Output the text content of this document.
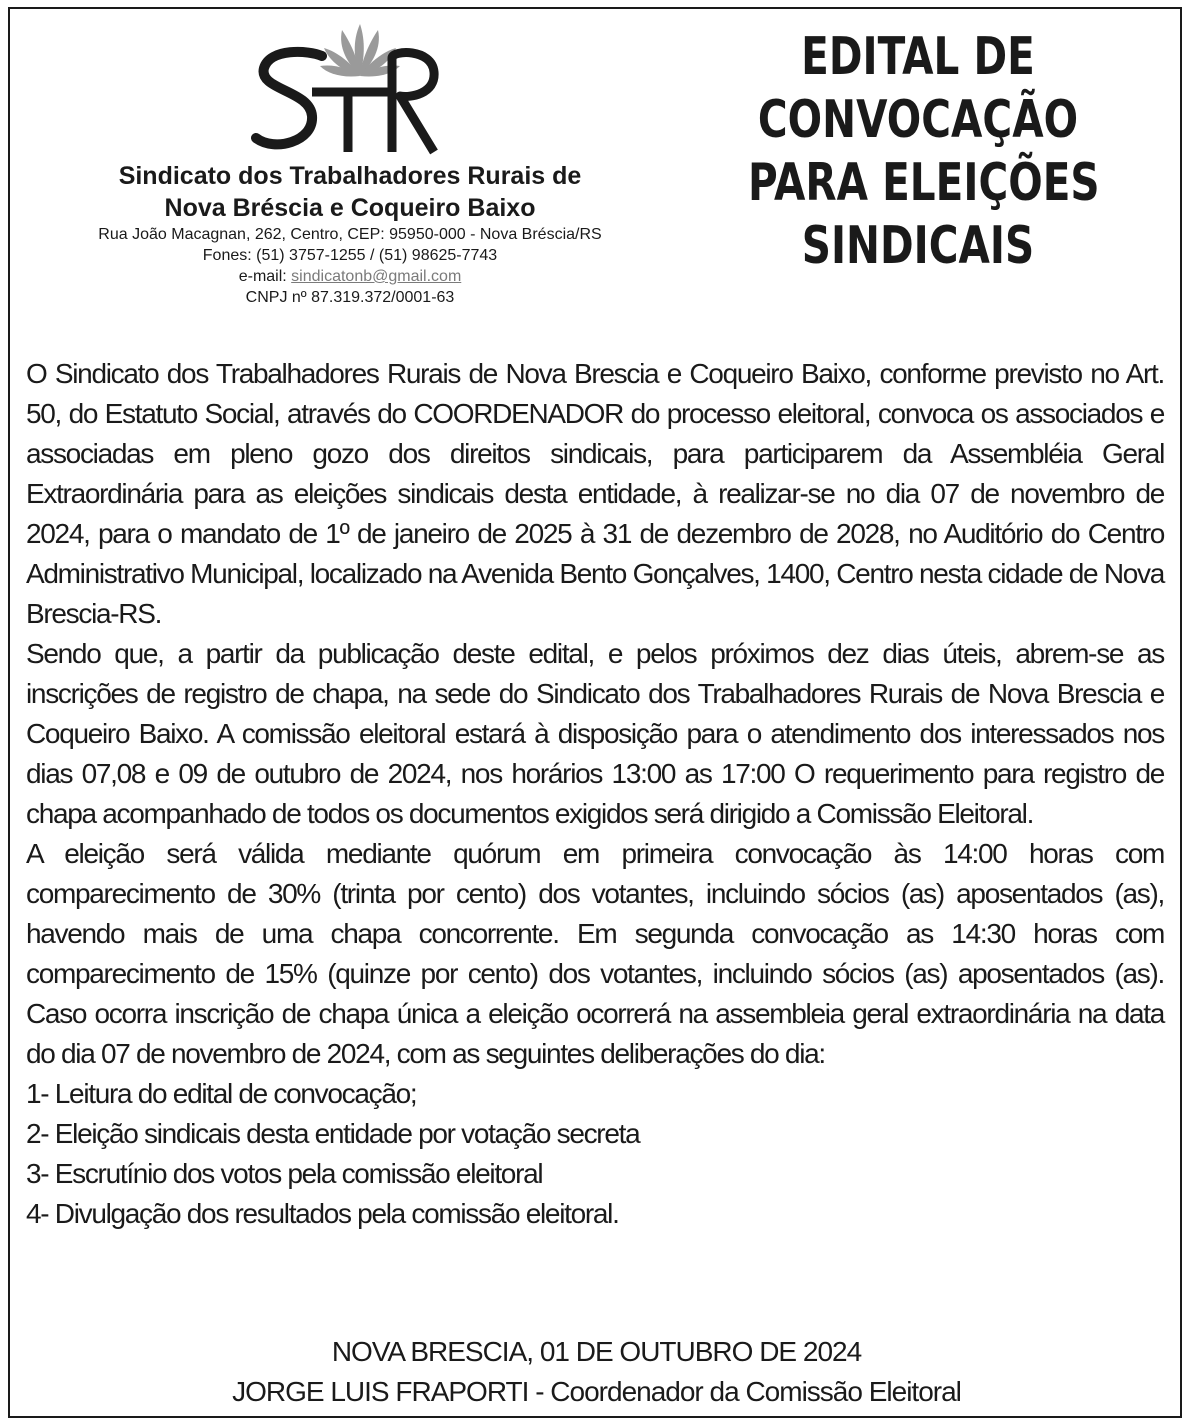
Sindicato dos Trabalhadores Rurais de
Nova Bréscia e Coqueiro Baixo
Rua João Macagnan, 262, Centro, CEP: 95950-000 - Nova Bréscia/RS
Fones: (51) 3757-1255 / (51) 98625-7743
e-mail: sindicatonb@gmail.com
CNPJ nº 87.319.372/0001-63
EDITAL DE
CONVOCAÇÃO
PARA ELEIÇÕES
SINDICAIS

O Sindicato dos Trabalhadores Rurais de Nova Brescia e Coqueiro Baixo, conforme previsto no Art. 50, do Estatuto Social, através do COORDENADOR do processo eleitoral, convoca os associados e associadas em pleno gozo dos direitos sindicais, para participarem da Assembléia Geral Extraordinária para as eleições sindicais desta entidade, à realizar-se no dia 07 de novembro de 2024, para o mandato de 1º de janeiro de 2025 à 31 de dezembro de 2028, no Auditório do Centro Administrativo Municipal, localizado na Avenida Bento Gonçalves, 1400, Centro nesta cidade de Nova Brescia-RS.

Sendo que, a partir da publicação deste edital, e pelos próximos dez dias úteis, abrem-se as inscrições de registro de chapa, na sede do Sindicato dos Trabalhadores Rurais de Nova Brescia e Coqueiro Baixo. A comissão eleitoral estará à disposição para o atendimento dos interessados nos dias 07,08 e 09 de outubro de 2024, nos horários 13:00 as 17:00 O requerimento para registro de chapa acompanhado de todos os documentos exigidos será dirigido a Comissão Eleitoral.

A eleição será válida mediante quórum em primeira convocação às 14:00 horas com comparecimento de 30% (trinta por cento) dos votantes, incluindo sócios (as) aposentados (as), havendo mais de uma chapa concorrente. Em segunda convocação as 14:30 horas com comparecimento de 15% (quinze por cento) dos votantes, incluindo sócios (as) aposentados (as). Caso ocorra inscrição de chapa única a eleição ocorrerá na assembleia geral extraordinária na data do dia 07 de novembro de 2024, com as seguintes deliberações do dia:

1- Leitura do edital de convocação;

2- Eleição sindicais desta entidade por votação secreta

3- Escrutínio dos votos pela comissão eleitoral

4- Divulgação dos resultados pela comissão eleitoral.

NOVA BRESCIA, 01 DE OUTUBRO DE 2024
JORGE LUIS FRAPORTI - Coordenador da Comissão Eleitoral
